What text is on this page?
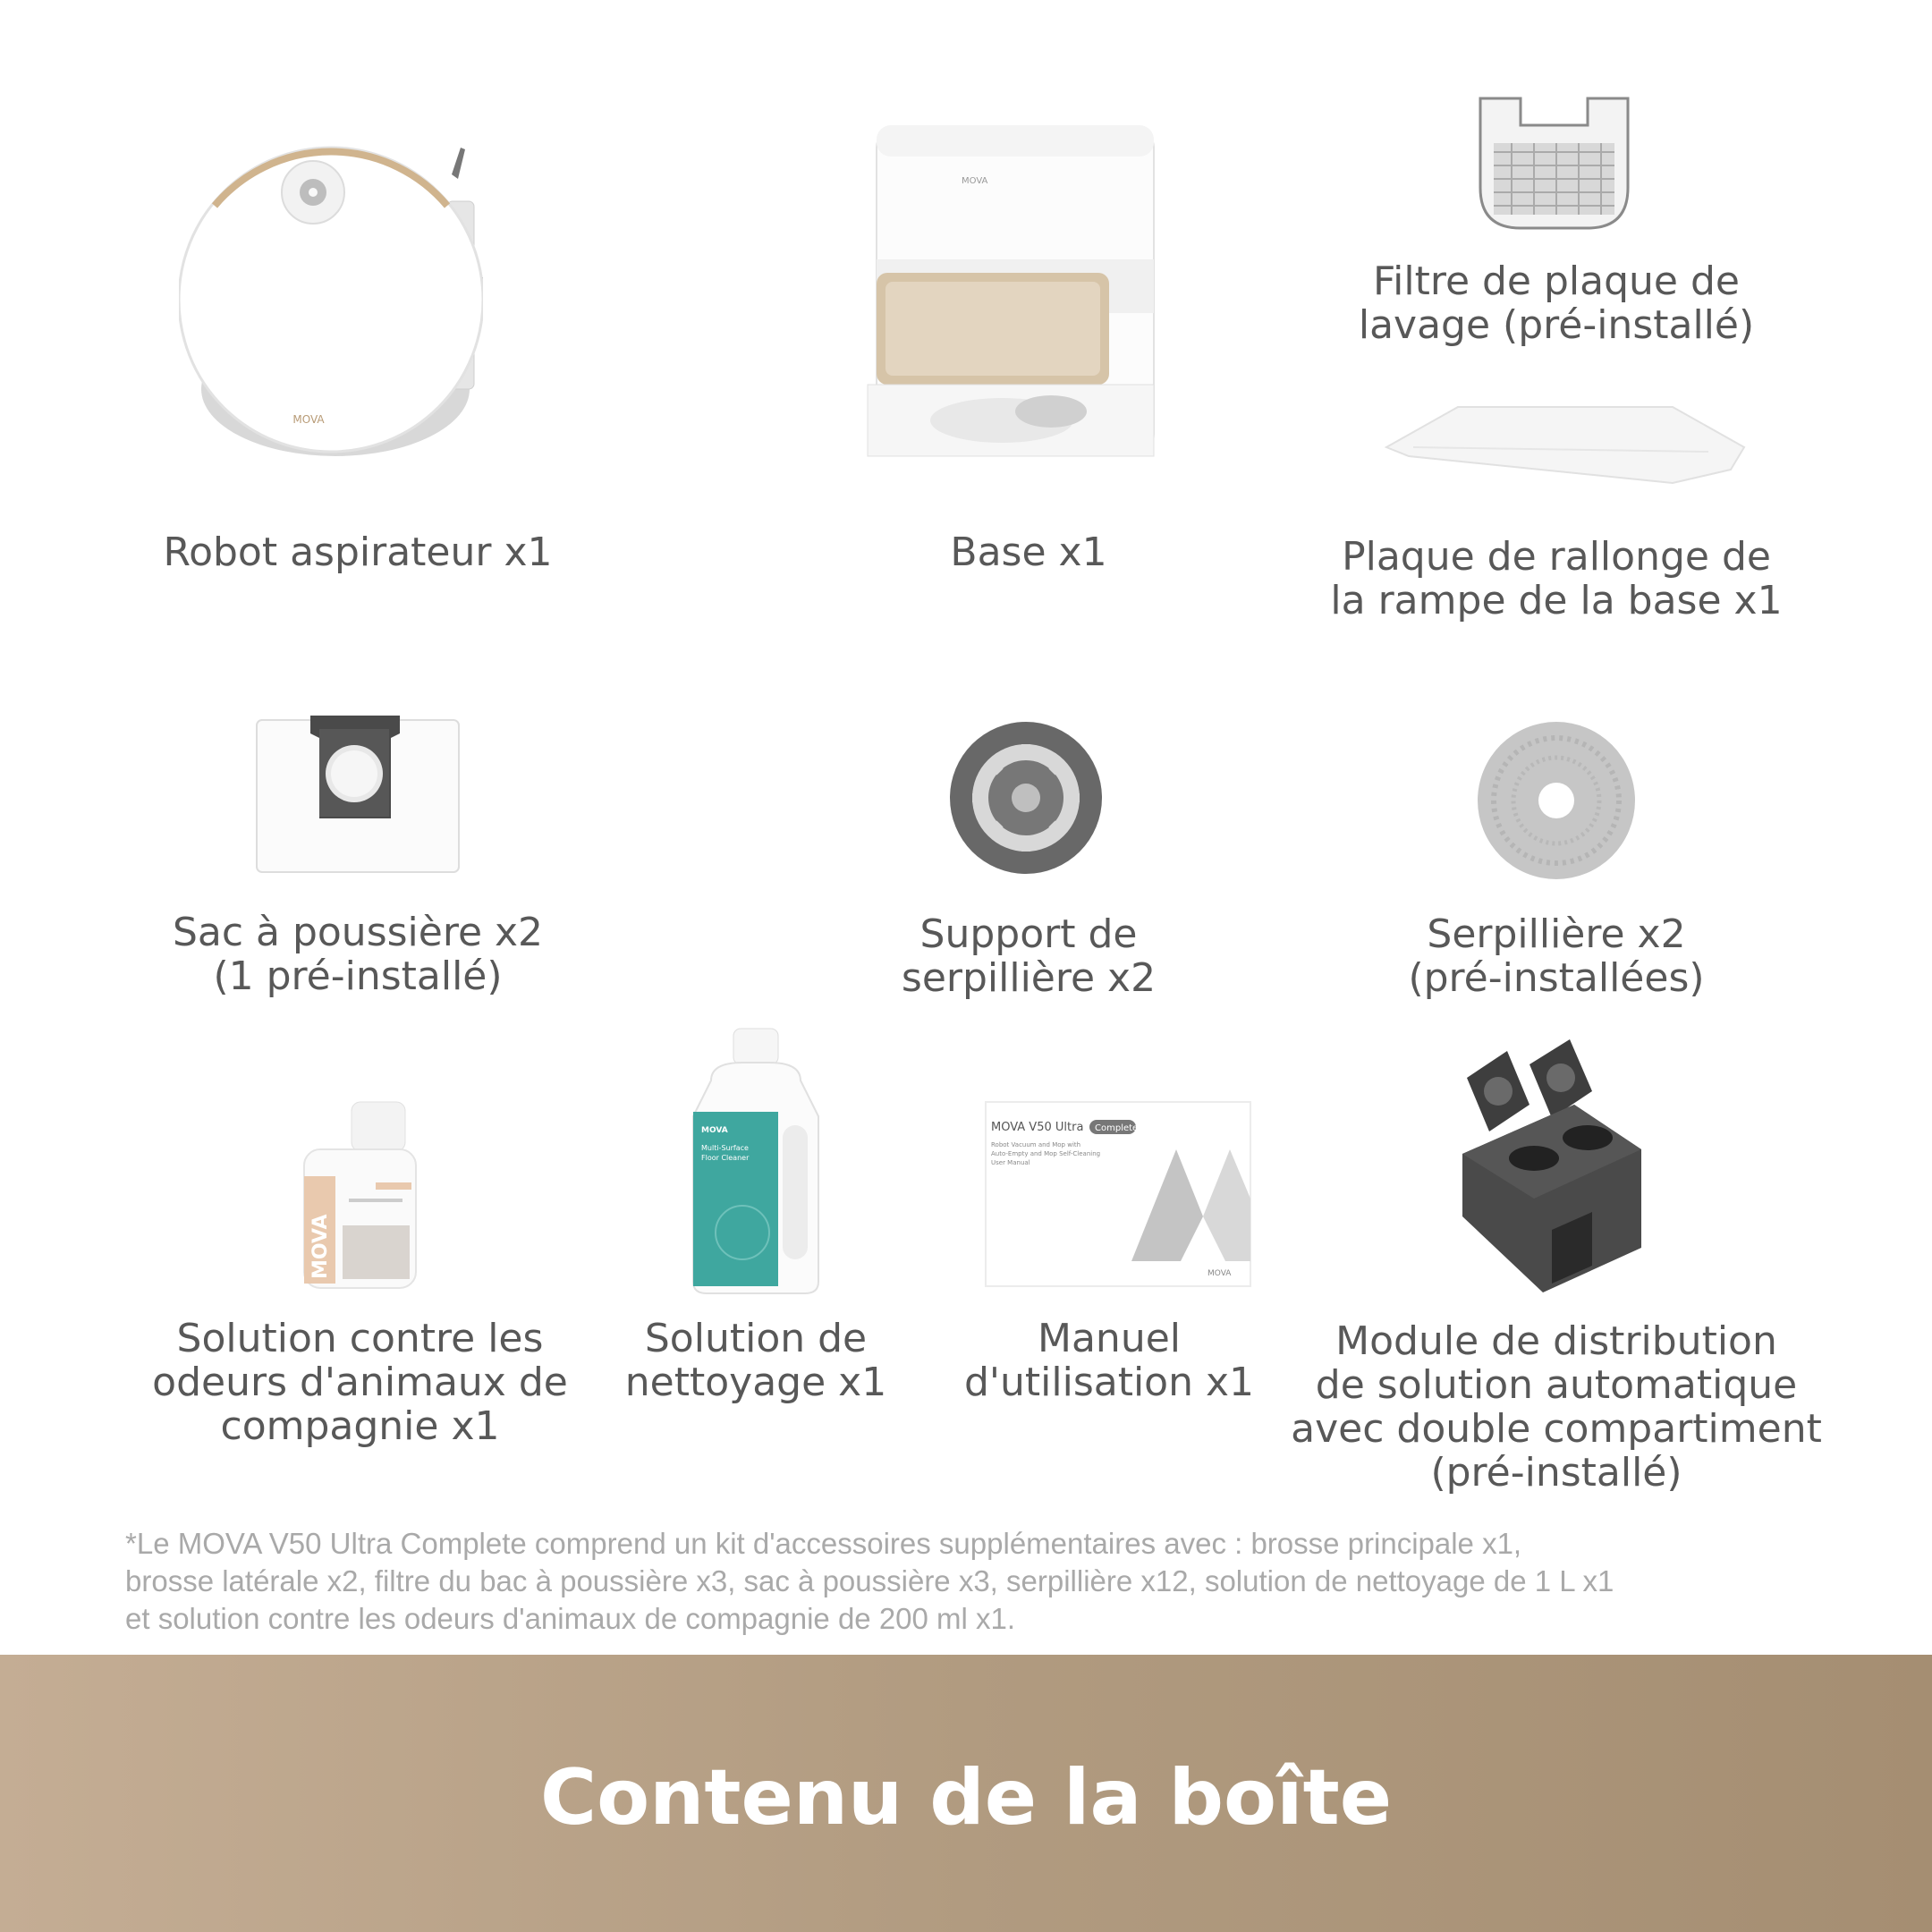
MOVA
Robot aspirateur x1
MOVA
Base x1
Filtre de plaque de
lavage (pré-installé)
Plaque de rallonge de
la rampe de la base x1
Sac à poussière x2
(1 pré-installé)
Support de
serpillière x2
Serpillière x2
(pré-installées)
MOVA
Solution contre les
odeurs d'animaux de
compagnie x1
MOVA
Multi-Surface
Floor Cleaner
Solution de
nettoyage x1
MOVA V50 Ultra Complete
Robot Vacuum and Mop with
Auto-Empty and Mop Self-Cleaning
User Manual
MOVA
Manuel
d'utilisation x1
Module de distribution
de solution automatique
avec double compartiment
(pré-installé)
*Le MOVA V50 Ultra Complete comprend un kit d'accessoires supplémentaires avec : brosse principale x1,
brosse latérale x2, filtre du bac à poussière x3, sac à poussière x3, serpillière x12, solution de nettoyage de 1 L x1
et solution contre les odeurs d'animaux de compagnie de 200 ml x1.
Contenu de la boîte
